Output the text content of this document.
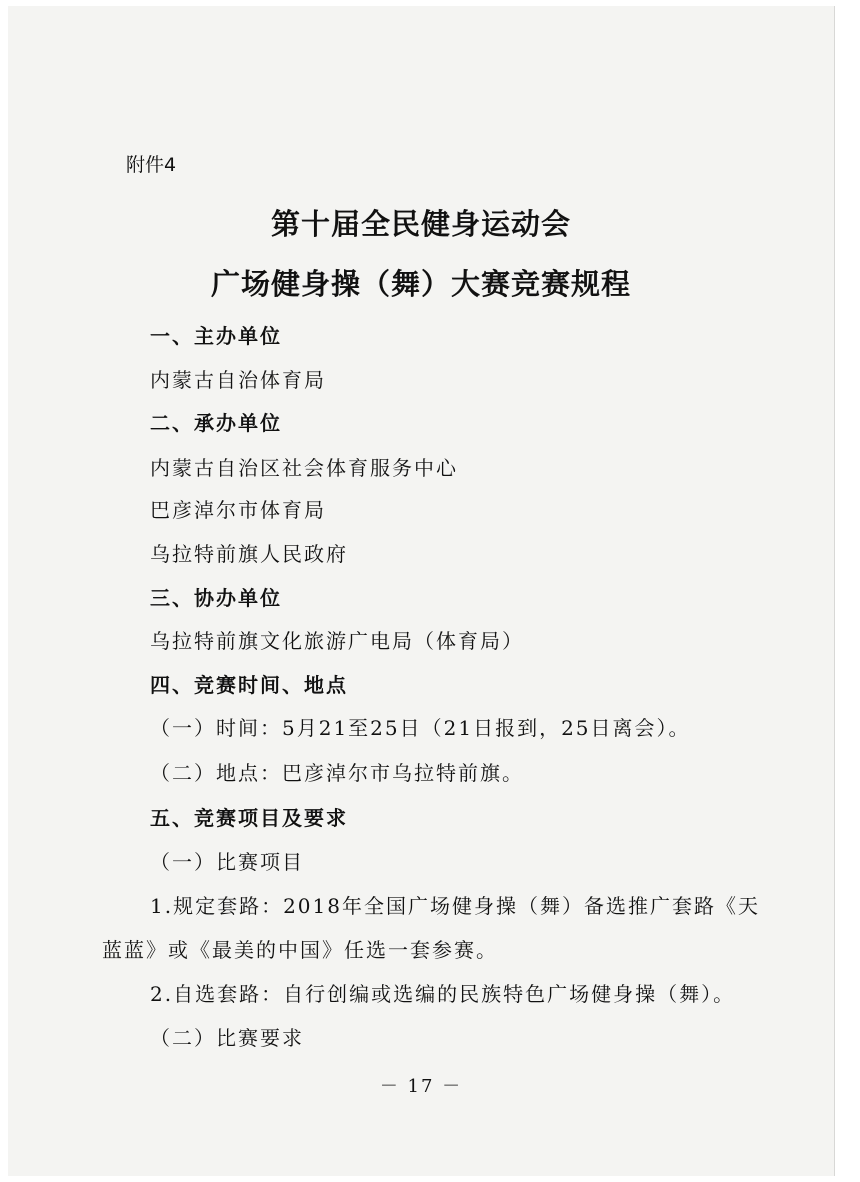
附件4
第十届全民健身运动会
广场健身操（舞）大赛竞赛规程
一、主办单位
内蒙古自治体育局
二、承办单位
内蒙古自治区社会体育服务中心
巴彦淖尔市体育局
乌拉特前旗人民政府
三、协办单位
乌拉特前旗文化旅游广电局（体育局）
四、竞赛时间、地点
（一）时间：5月21至25日（21日报到，25日离会）。
（二）地点：巴彦淖尔市乌拉特前旗。
五、竞赛项目及要求
（一）比赛项目
1.规定套路：2018年全国广场健身操（舞）备选推广套路《天
蓝蓝》或《最美的中国》任选一套参赛。
2.自选套路：自行创编或选编的民族特色广场健身操（舞）。
（二）比赛要求
－ 17 －
